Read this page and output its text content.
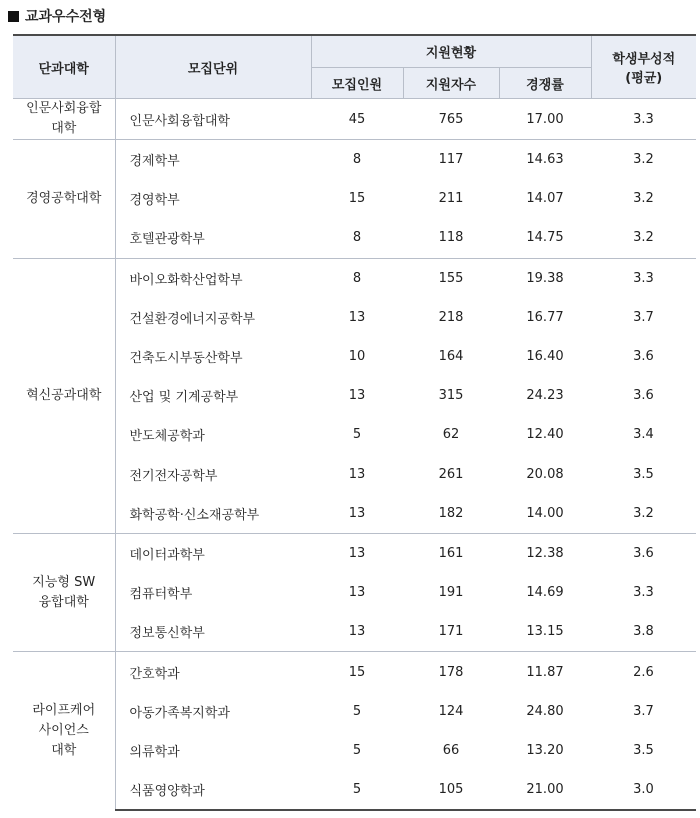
교과우수전형
단과대학	모집단위	지원현황			학생부성적
(평균)

		모집인원	지원자수	경쟁률	

인문사회융합
대학	인문사회융합대학	45	765	17.00	3.3

경영공학대학	경제학부	8	117	14.63	3.2
	경영학부	15	211	14.07	3.2
	호텔관광학부	8	118	14.75	3.2

혁신공과대학	바이오화학산업학부	8	155	19.38	3.3
	건설환경에너지공학부	13	218	16.77	3.7
	건축도시부동산학부	10	164	16.40	3.6
	산업 및 기계공학부	13	315	24.23	3.6
	반도체공학과	5	62	12.40	3.4
	전기전자공학부	13	261	20.08	3.5
	화학공학·신소재공학부	13	182	14.00	3.2

지능형 SW
융합대학	데이터과학부	13	161	12.38	3.6
	컴퓨터학부	13	191	14.69	3.3
	정보통신학부	13	171	13.15	3.8

라이프케어
사이언스
대학	간호학과	15	178	11.87	2.6
	아동가족복지학과	5	124	24.80	3.7
	의류학과	5	66	13.20	3.5
	식품영양학과	5	105	21.00	3.0
